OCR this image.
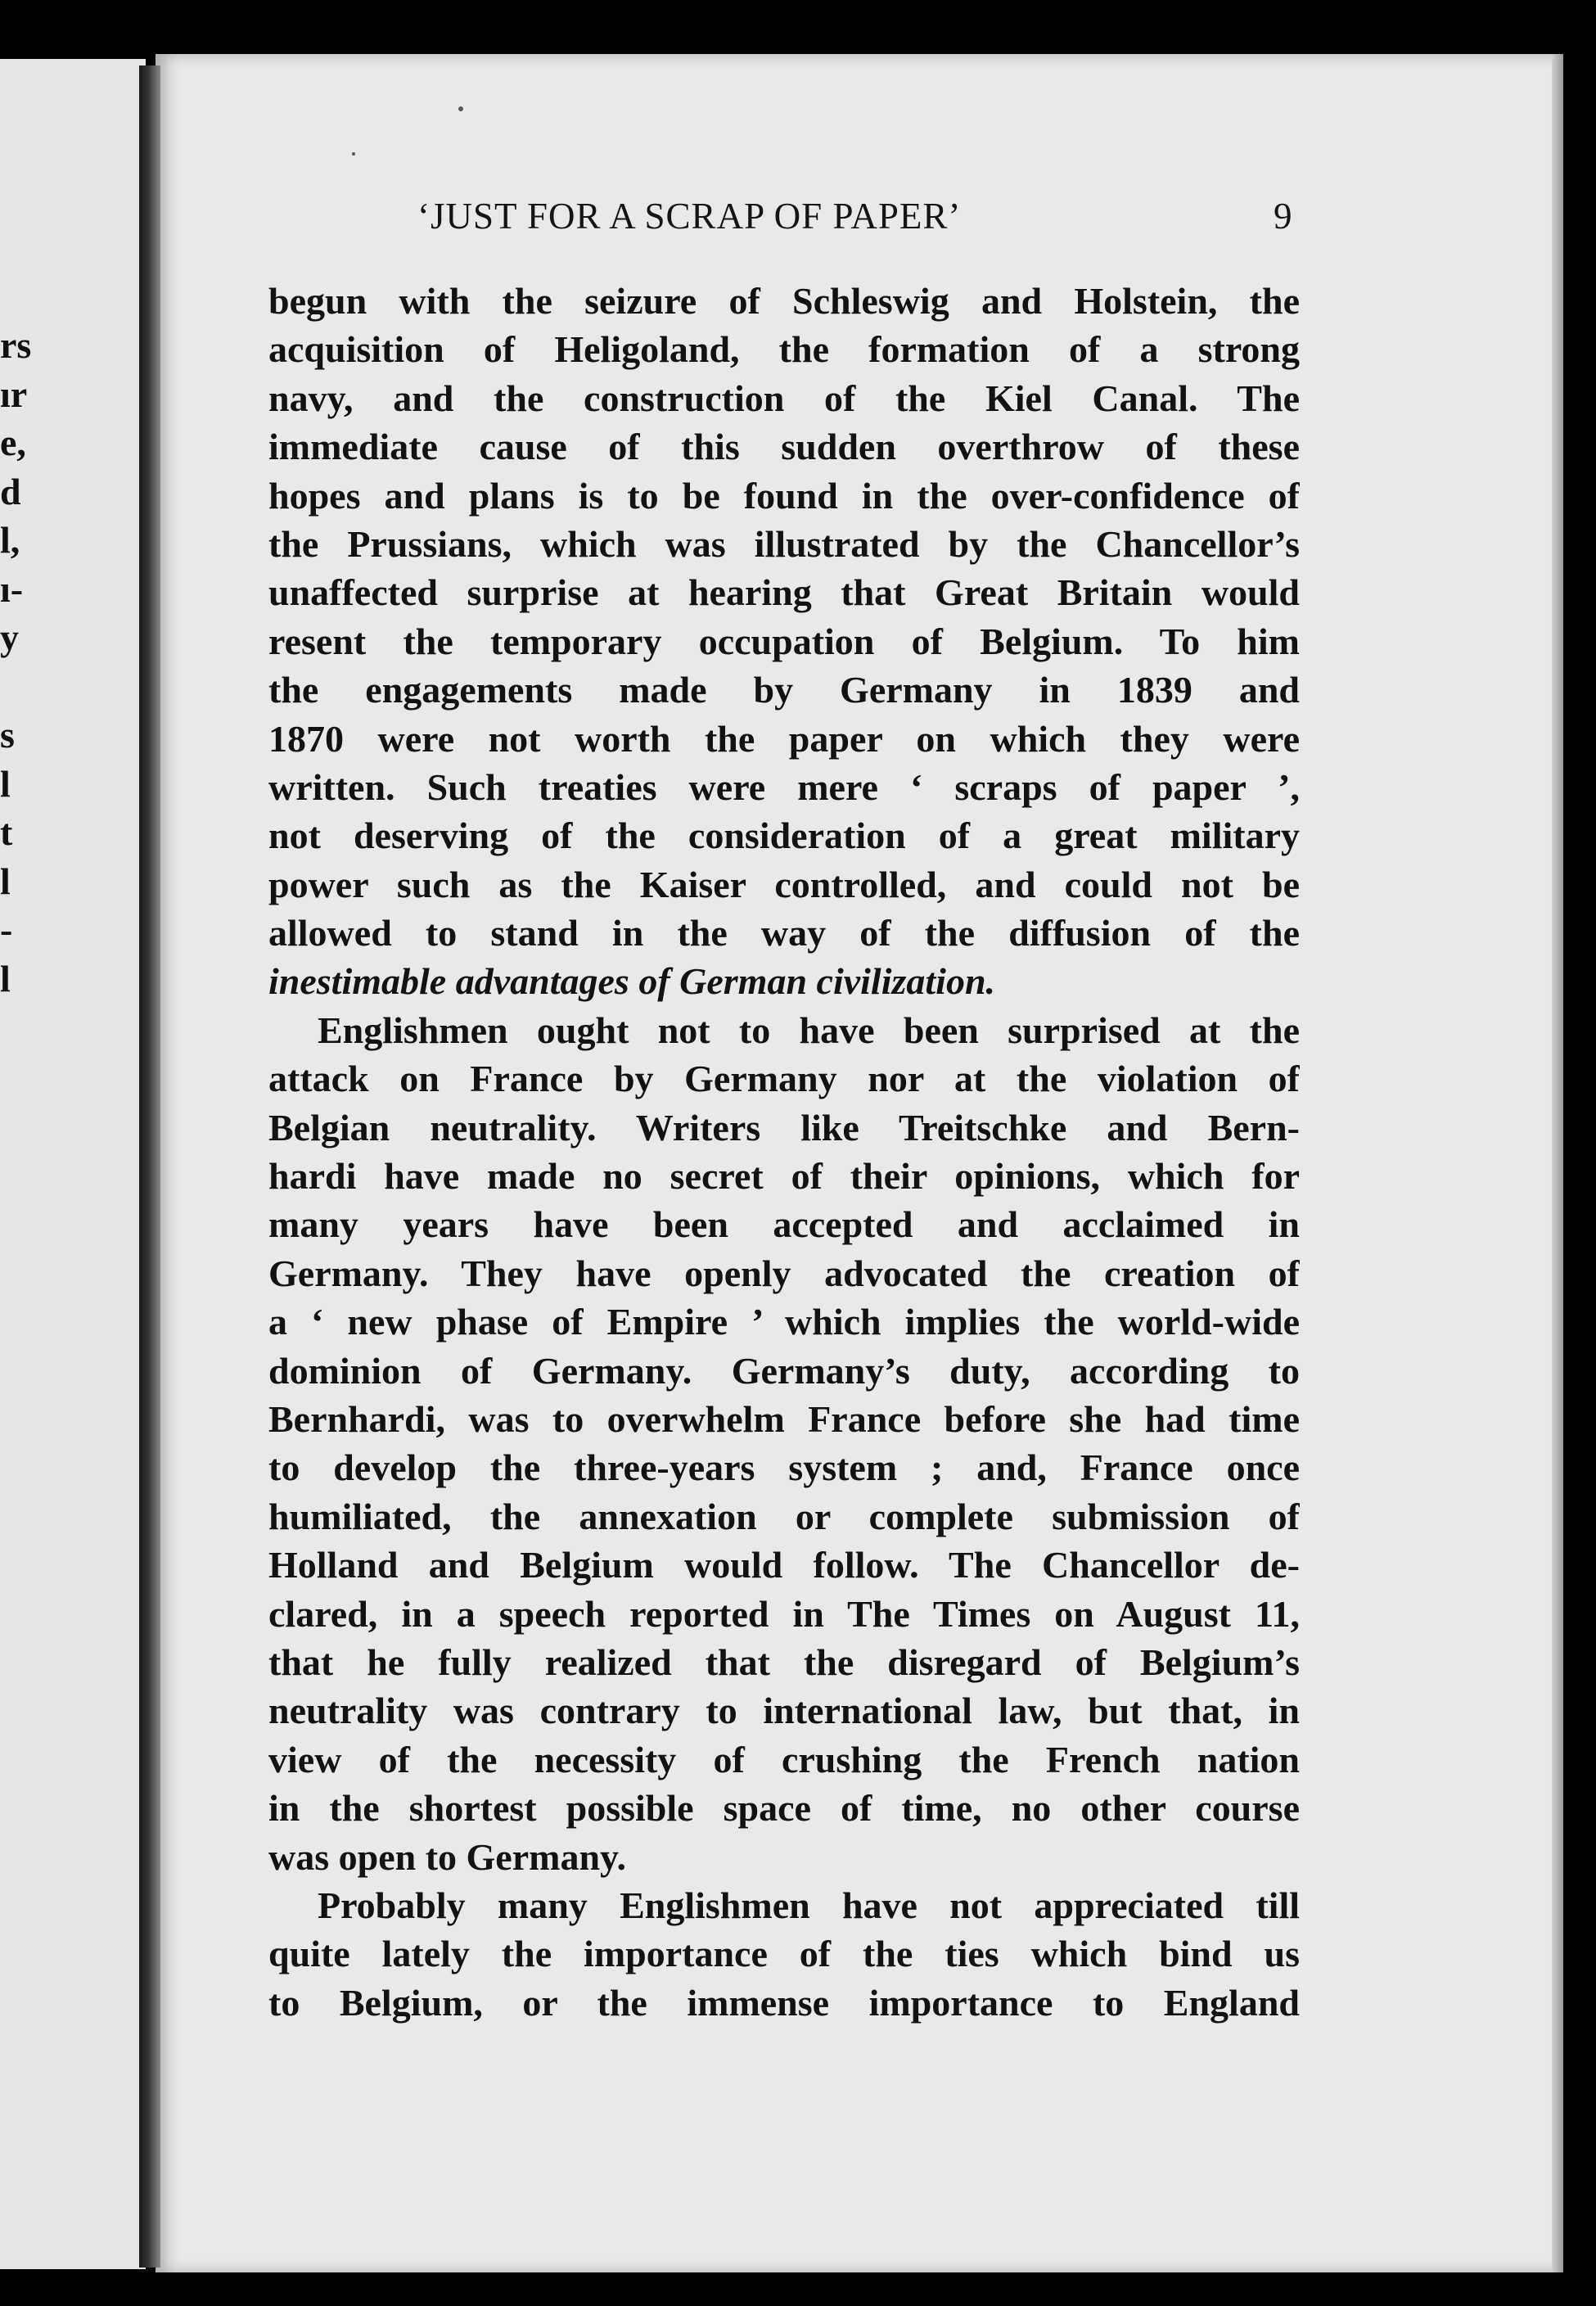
rs
ır
e,
d
l,
ı-
y
s
l
t
l
-
l
‘JUST FOR A SCRAP OF PAPER’	9
begun with the seizure of Schleswig and Holstein, the
acquisition of Heligoland, the formation of a strong
navy, and the construction of the Kiel Canal. The
immediate cause of this sudden overthrow of these
hopes and plans is to be found in the over-confidence of
the Prussians, which was illustrated by the Chancellor’s
unaffected surprise at hearing that Great Britain would
resent the temporary occupation of Belgium. To him
the engagements made by Germany in 1839 and
1870 were not worth the paper on which they were
written. Such treaties were mere ‘ scraps of paper ’,
not deserving of the consideration of a great military
power such as the Kaiser controlled, and could not be
allowed to stand in the way of the diffusion of the
inestimable advantages of German civilization.
Englishmen ought not to have been surprised at the
attack on France by Germany nor at the violation of
Belgian neutrality. Writers like Treitschke and Bern-
hardi have made no secret of their opinions, which for
many years have been accepted and acclaimed in
Germany. They have openly advocated the creation of
a ‘ new phase of Empire ’ which implies the world-wide
dominion of Germany. Germany’s duty, according to
Bernhardi, was to overwhelm France before she had time
to develop the three-years system ; and, France once
humiliated, the annexation or complete submission of
Holland and Belgium would follow. The Chancellor de-
clared, in a speech reported in The Times on August 11,
that he fully realized that the disregard of Belgium’s
neutrality was contrary to international law, but that, in
view of the necessity of crushing the French nation
in the shortest possible space of time, no other course
was open to Germany.
Probably many Englishmen have not appreciated till
quite lately the importance of the ties which bind us
to Belgium, or the immense importance to England
